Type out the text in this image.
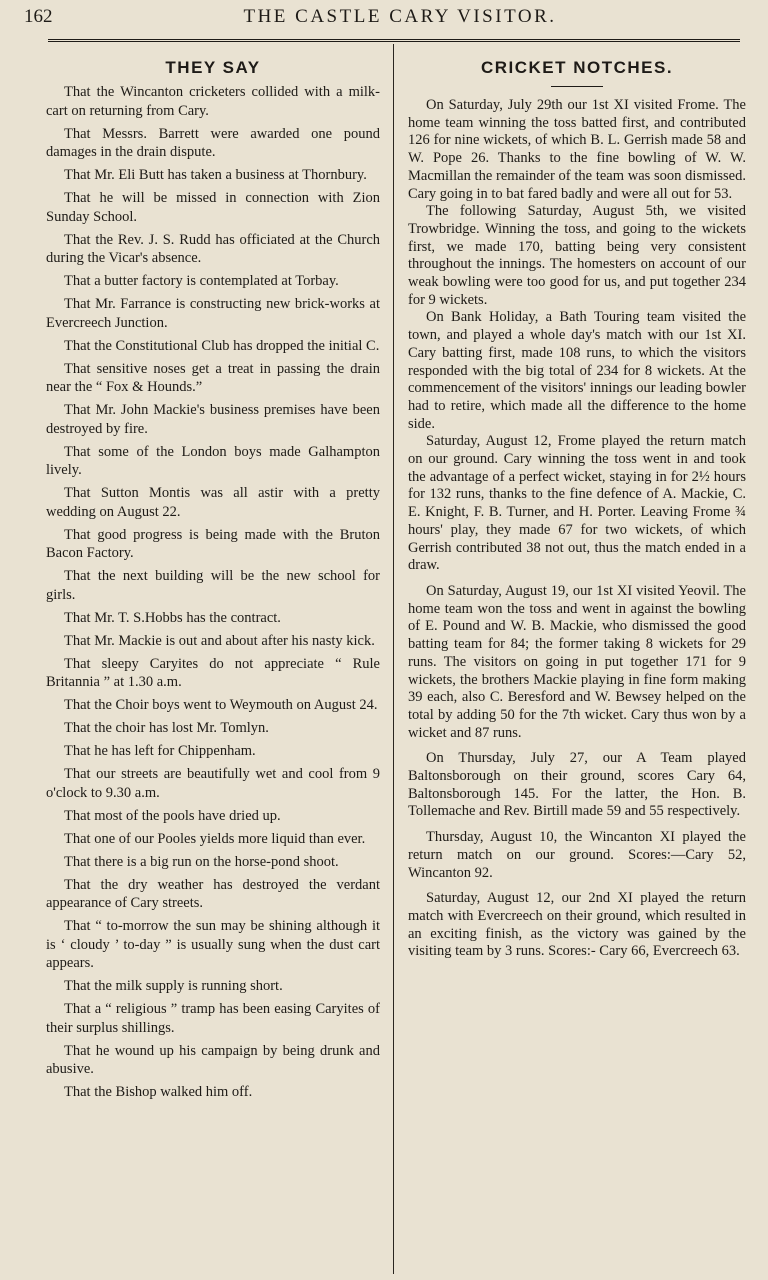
162	THE CASTLE CARY VISITOR.
THEY SAY

That the Wincanton cricketers collided with a milk-cart on returning from Cary.

That Messrs. Barrett were awarded one pound damages in the drain dispute.

That Mr. Eli Butt has taken a business at Thornbury.

That he will be missed in connection with Zion Sunday School.

That the Rev. J. S. Rudd has officiated at the Church during the Vicar's absence.

That a butter factory is contemplated at Torbay.

That Mr. Farrance is constructing new brick-works at Evercreech Junction.

That the Constitutional Club has dropped the initial C.

That sensitive noses get a treat in passing the drain near the “ Fox & Hounds.”

That Mr. John Mackie's business premises have been destroyed by fire.

That some of the London boys made Galhampton lively.

That Sutton Montis was all astir with a pretty wedding on August 22.

That good progress is being made with the Bruton Bacon Factory.

That the next building will be the new school for girls.

That Mr. T. S.Hobbs has the contract.

That Mr. Mackie is out and about after his nasty kick.

That sleepy Caryites do not appreciate “ Rule Britannia ” at 1.30 a.m.

That the Choir boys went to Weymouth on August 24.

That the choir has lost Mr. Tomlyn.

That he has left for Chippenham.

That our streets are beautifully wet and cool from 9 o'clock to 9.30 a.m.

That most of the pools have dried up.

That one of our Pooles yields more liquid than ever.

That there is a big run on the horse-pond shoot.

That the dry weather has destroyed the verdant appearance of Cary streets.

That “ to-morrow the sun may be shining although it is ‘ cloudy ’ to-day ” is usually sung when the dust cart appears.

That the milk supply is running short.

That a “ religious ” tramp has been easing Caryites of their surplus shillings.

That he wound up his campaign by being drunk and abusive.

That the Bishop walked him off.

CRICKET NOTCHES.

On Saturday, July 29th our 1st XI visited Frome. The home team winning the toss batted first, and contributed 126 for nine wickets, of which B. L. Gerrish made 58 and W. Pope 26. Thanks to the fine bowling of W. W. Macmillan the remainder of the team was soon dismissed. Cary going in to bat fared badly and were all out for 53.

The following Saturday, August 5th, we visited Trowbridge. Winning the toss, and going to the wickets first, we made 170, batting being very consistent throughout the innings. The homesters on account of our weak bowling were too good for us, and put together 234 for 9 wickets.

On Bank Holiday, a Bath Touring team visited the town, and played a whole day's match with our 1st XI. Cary batting first, made 108 runs, to which the visitors responded with the big total of 234 for 8 wickets. At the commencement of the visitors' innings our leading bowler had to retire, which made all the difference to the home side.

Saturday, August 12, Frome played the return match on our ground. Cary winning the toss went in and took the advantage of a perfect wicket, staying in for 2½ hours for 132 runs, thanks to the fine defence of A. Mackie, C. E. Knight, F. B. Turner, and H. Porter. Leaving Frome ¾ hours' play, they made 67 for two wickets, of which Gerrish contributed 38 not out, thus the match ended in a draw.

On Saturday, August 19, our 1st XI visited Yeovil. The home team won the toss and went in against the bowling of E. Pound and W. B. Mackie, who dismissed the good batting team for 84; the former taking 8 wickets for 29 runs. The visitors on going in put together 171 for 9 wickets, the brothers Mackie playing in fine form making 39 each, also C. Beresford and W. Bewsey helped on the total by adding 50 for the 7th wicket. Cary thus won by a wicket and 87 runs.

On Thursday, July 27, our A Team played Baltonsborough on their ground, scores Cary 64, Baltonsborough 145. For the latter, the Hon. B. Tollemache and Rev. Birtill made 59 and 55 respectively.

Thursday, August 10, the Wincanton XI played the return match on our ground. Scores:—Cary 52, Wincanton 92.

Saturday, August 12, our 2nd XI played the return match with Evercreech on their ground, which resulted in an exciting finish, as the victory was gained by the visiting team by 3 runs. Scores:- Cary 66, Evercreech 63.
